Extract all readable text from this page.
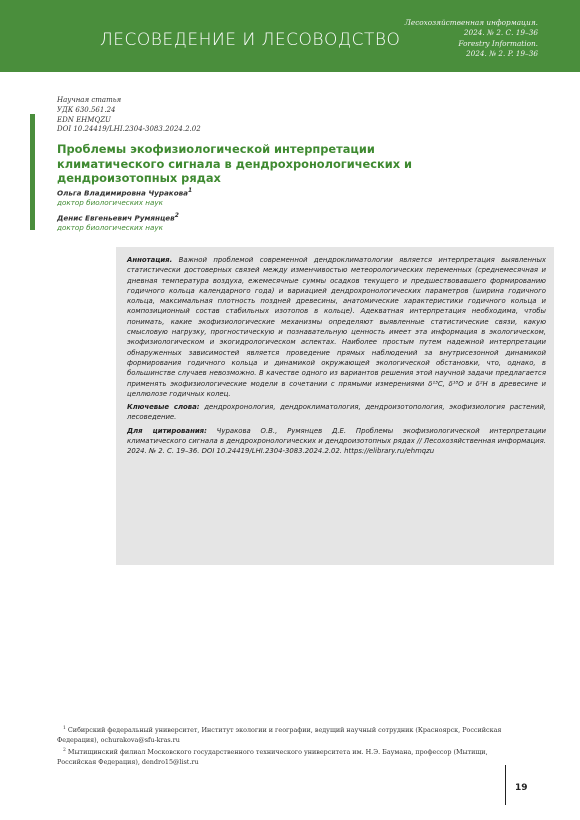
ЛЕСОВЕДЕНИЕ И ЛЕСОВОДСТВО
Лесохозяйственная информация.
2024. № 2. С. 19–36
Forestry Information.
2024. № 2. P. 19–36
Научная статья
УДК 630.561.24
EDN EHMQZU
DOI 10.24419/LHI.2304-3083.2024.2.02
Проблемы экофизиологической интерпретации климатического сигнала в дендрохронологических и дендроизотопных рядах
Ольга Владимировна Чуракова$^1$
доктор биологических наук
Денис Евгеньевич Румянцев$^2$
доктор биологических наук

Аннотация. Важной проблемой современной дендроклиматологии является интерпретация выявленных статистически достоверных связей между изменчивостью метеорологических переменных (среднемесячная и дневная температура воздуха, ежемесячные суммы осадков текущего и предшествовавшего формированию годичного кольца календарного года) и вариацией дендрохронологических параметров (ширина годичного кольца, максимальная плотность поздней древесины, анатомические характеристики годичного кольца и композиционный состав стабильных изотопов в кольце). Адекватная интерпретация необходима, чтобы понимать, какие экофизиологические механизмы определяют выявленные статистические связи, какую смысловую нагрузку, прогностическую и познавательную ценность имеет эта информация в экологическом, экофизиологическом и экогидрологическом аспектах. Наиболее простым путем надежной интерпретации обнаруженных зависимостей является проведение прямых наблюдений за внутрисезонной динамикой формирования годичного кольца и динамикой окружающей экологической обстановки, что, однако, в большинстве случаев невозможно. В качестве одного из вариантов решения этой научной задачи предлагается применять экофизиологические модели в сочетании с прямыми измерениями δ¹³C, δ¹⁸O и δ²H в древесине и целлюлозе годичных колец.

Ключевые слова: дендрохронология, дендроклиматология, дендроизотопология, экофизиология растений, лесоведение.

Для цитирования: Чуракова О.В., Румянцев Д.Е. Проблемы экофизиологической интерпретации климатического сигнала в дендрохронологических и дендроизотопных рядах // Лесохозяйственная информация. 2024. № 2. С. 19–36. DOI 10.24419/LHI.2304-3083.2024.2.02. https://elibrary.ru/ehmqzu

$^1$ Сибирский федеральный университет, Институт экологии и географии, ведущий научный сотрудник (Красноярск, Российская Федерация), ochurakova@sfu-kras.ru

$^2$ Мытищинский филиал Московского государственного технического университета им. Н.Э. Баумана, профессор (Мытищи, Российская Федерация), dendro15@list.ru

19
